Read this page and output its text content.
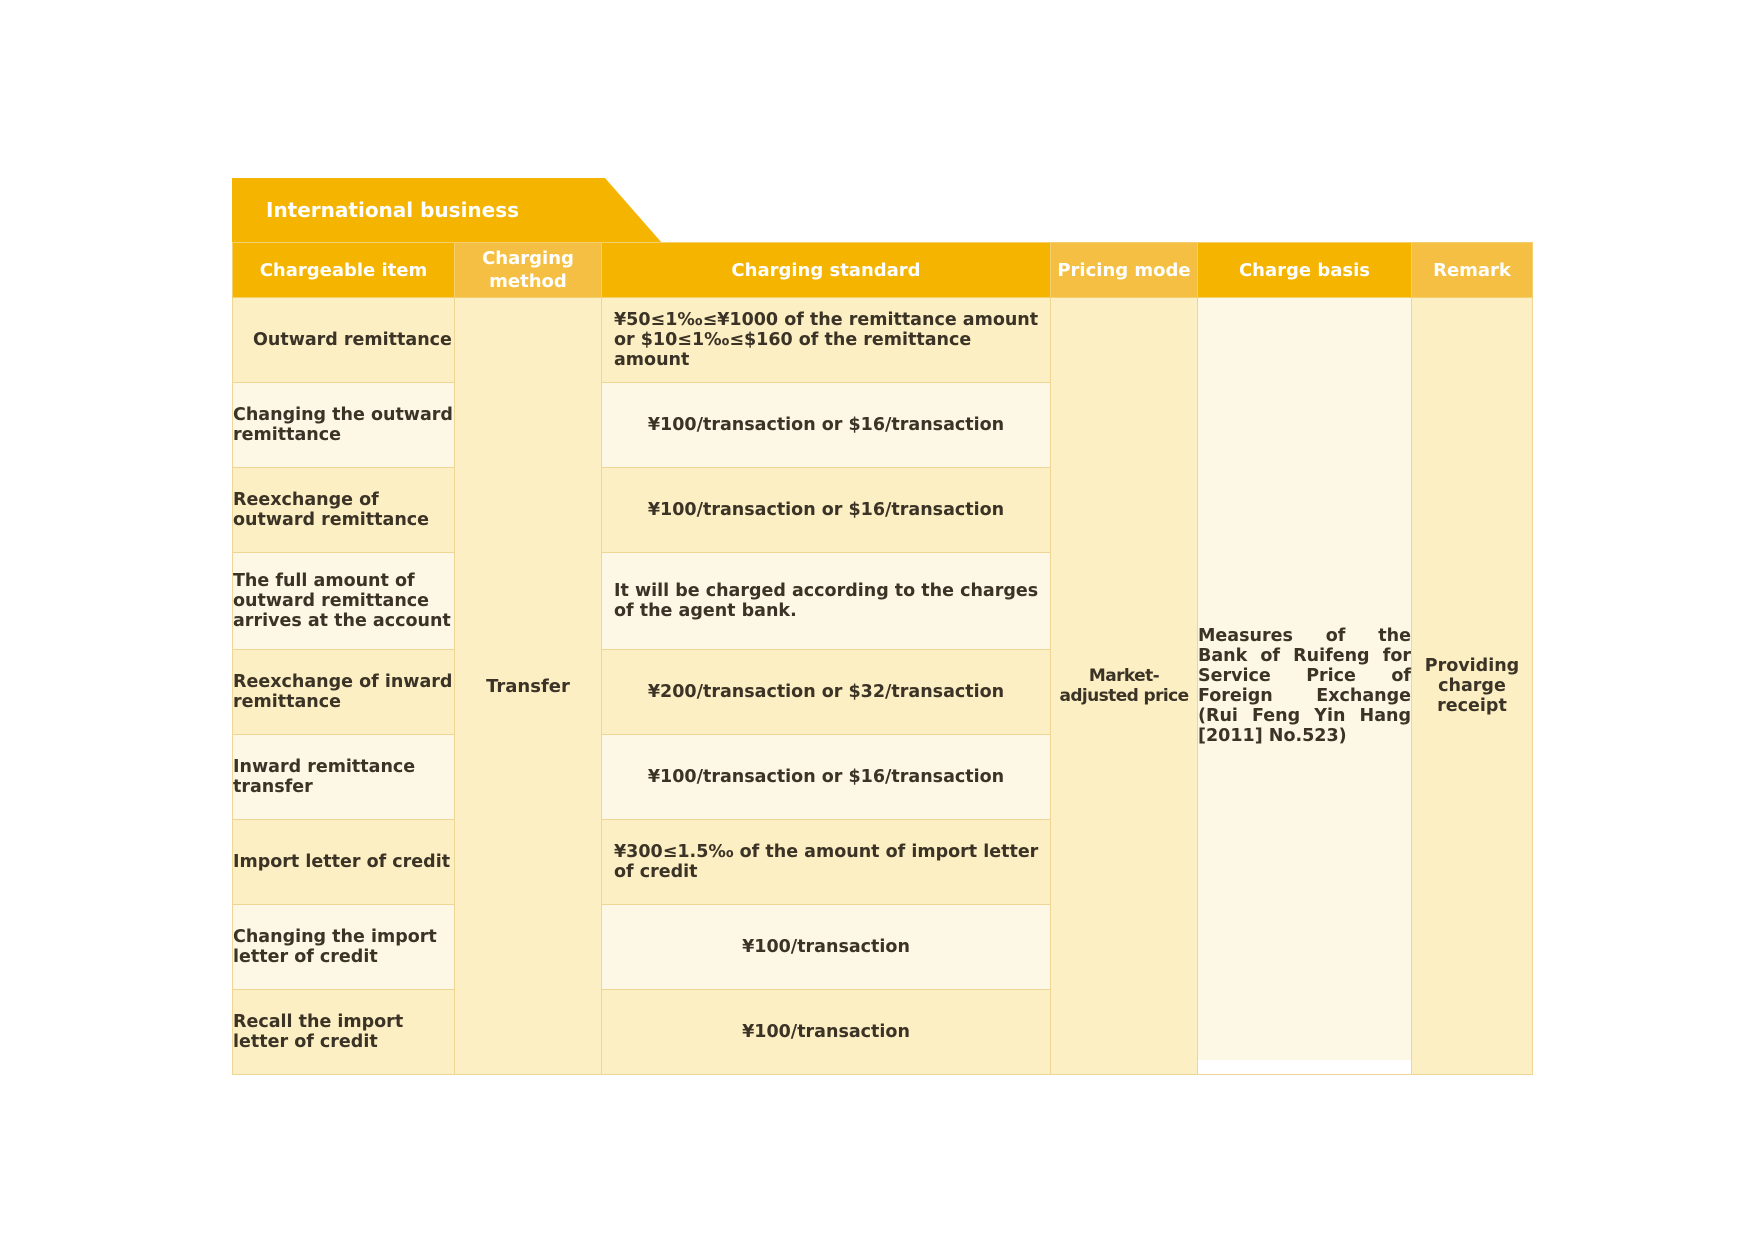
International business
Chargeable item	Charging method	Charging standard	Pricing mode	Charge basis	Remark
Outward remittance	Transfer	¥50≤1‰≤¥1000 of the remittance amount or $10≤1‰≤$160 of the remittance amount	Market-adjusted price	Measures of the Bank of Ruifeng for Service Price of Foreign Exchange (Rui Feng Yin Hang [2011] No.523)	Providing charge receipt
Changing the outward remittance		¥100/transaction or $16/transaction			
Reexchange of outward remittance		¥100/transaction or $16/transaction			
The full amount of outward remittance arrives at the account		It will be charged according to the charges of the agent bank.			
Reexchange of inward remittance		¥200/transaction or $32/transaction			
Inward remittance transfer		¥100/transaction or $16/transaction			
Import letter of credit		¥300≤1.5‰ of the amount of import letter of credit			
Changing the import letter of credit		¥100/transaction			
Recall the import letter of credit		¥100/transaction			
